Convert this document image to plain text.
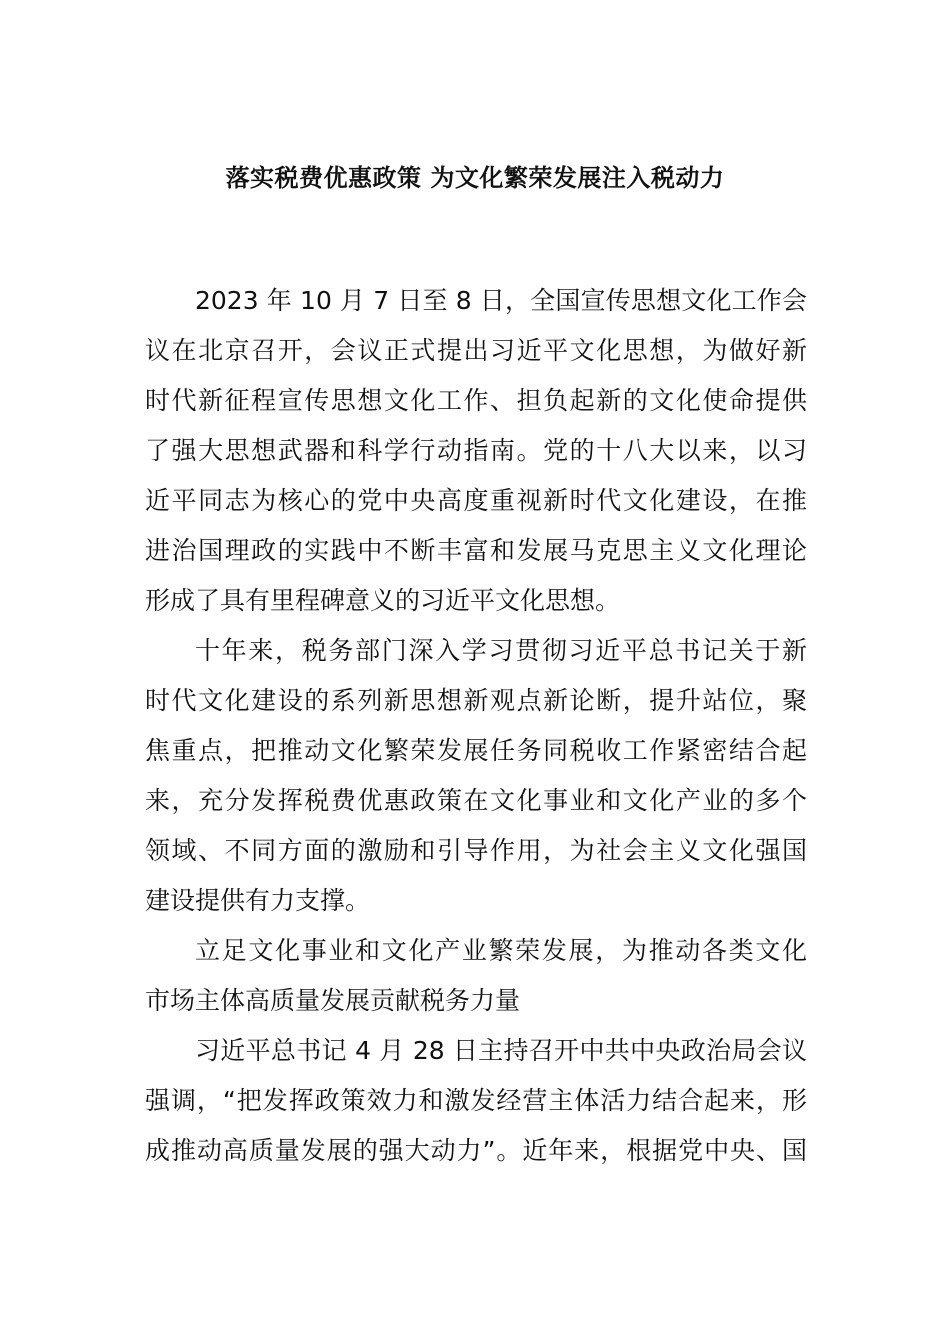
落实税费优惠政策 为文化繁荣发展注入税动力

2023 年 10 月 7 日至 8 日，全国宣传思想文化工作会
议在北京召开，会议正式提出习近平文化思想，为做好新
时代新征程宣传思想文化工作、担负起新的文化使命提供
了强大思想武器和科学行动指南。党的十八大以来，以习
近平同志为核心的党中央高度重视新时代文化建设，在推
进治国理政的实践中不断丰富和发展马克思主义文化理论
形成了具有里程碑意义的习近平文化思想。

十年来，税务部门深入学习贯彻习近平总书记关于新
时代文化建设的系列新思想新观点新论断，提升站位，聚
焦重点，把推动文化繁荣发展任务同税收工作紧密结合起
来，充分发挥税费优惠政策在文化事业和文化产业的多个
领域、不同方面的激励和引导作用，为社会主义文化强国
建设提供有力支撑。

立足文化事业和文化产业繁荣发展，为推动各类文化
市场主体高质量发展贡献税务力量

习近平总书记 4 月 28 日主持召开中共中央政治局会议
强调，“把发挥政策效力和激发经营主体活力结合起来，形
成推动高质量发展的强大动力”。近年来，根据党中央、国
